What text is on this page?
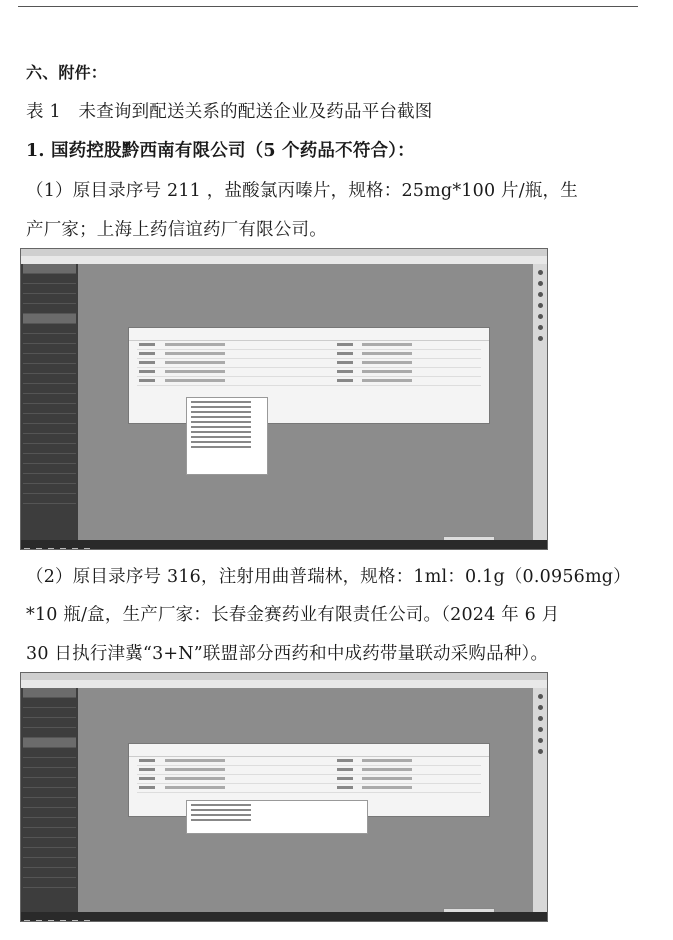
六、附件：
表 1　未查询到配送关系的配送企业及药品平台截图
1. 国药控股黔西南有限公司（5 个药品不符合）：
（1）原目录序号 211 ，盐酸氯丙嗪片，规格：25mg*100 片/瓶，生
产厂家；上海上药信谊药厂有限公司。
（2）原目录序号 316，注射用曲普瑞林，规格：1ml：0.1g（0.0956mg）
*10 瓶/盒，生产厂家：长春金赛药业有限责任公司。（2024 年 6 月
30 日执行津冀“3+N”联盟部分西药和中成药带量联动采购品种）。
